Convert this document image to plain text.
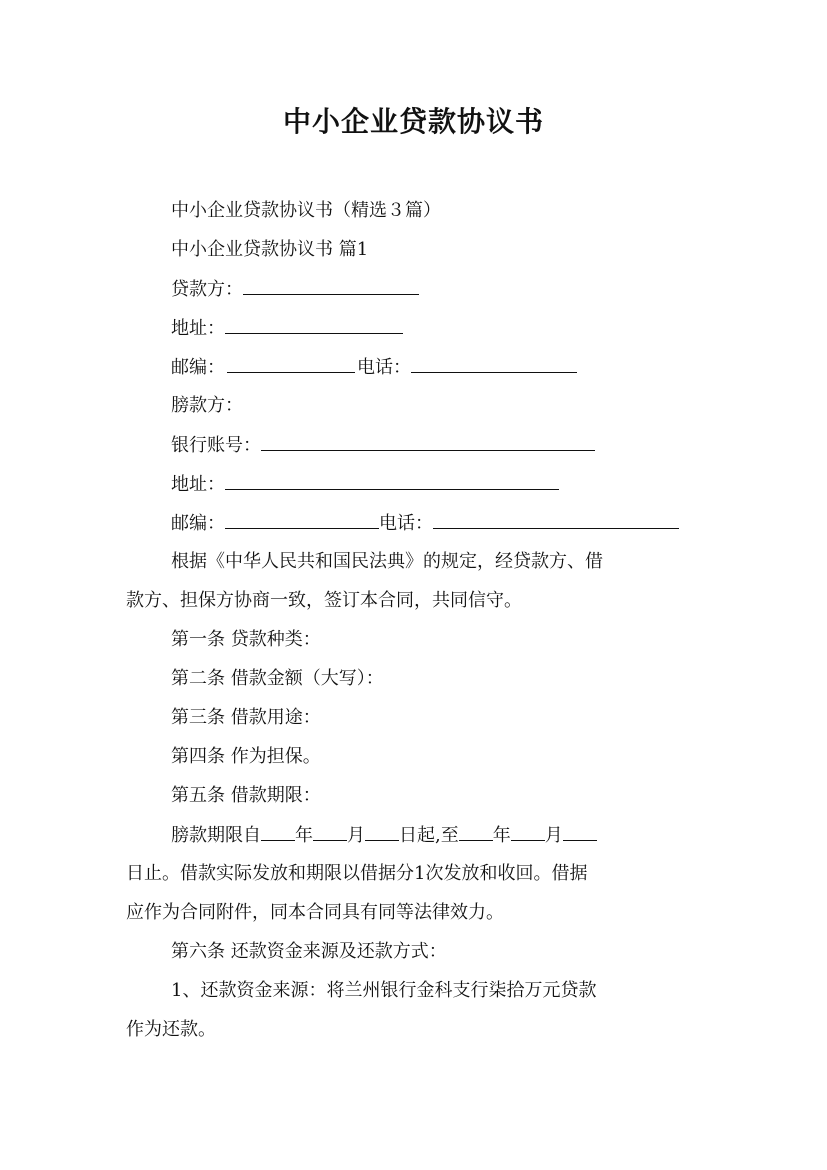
中小企业贷款协议书
中小企业贷款协议书（精选３篇）
中小企业贷款协议书 篇1
贷款方：
地址：
邮编：	电话：
膀款方：
银行账号：
地址：
邮编：	电话：
根据《中华人民共和国民法典》的规定，经贷款方、借
款方、担保方协商一致，签订本合同，共同信守。
第一条 贷款种类：
第二条 借款金额（大写）：
第三条 借款用途：
第四条 作为担保。
第五条 借款期限：
膀款期限自 年 月 日起,至 年 月
日止。借款实际发放和期限以借据分1次发放和收回。借据
应作为合同附件，同本合同具有同等法律效力。
第六条 还款资金来源及还款方式：
1、还款资金来源：将兰州银行金科支行柒拾万元贷款
作为还款。
